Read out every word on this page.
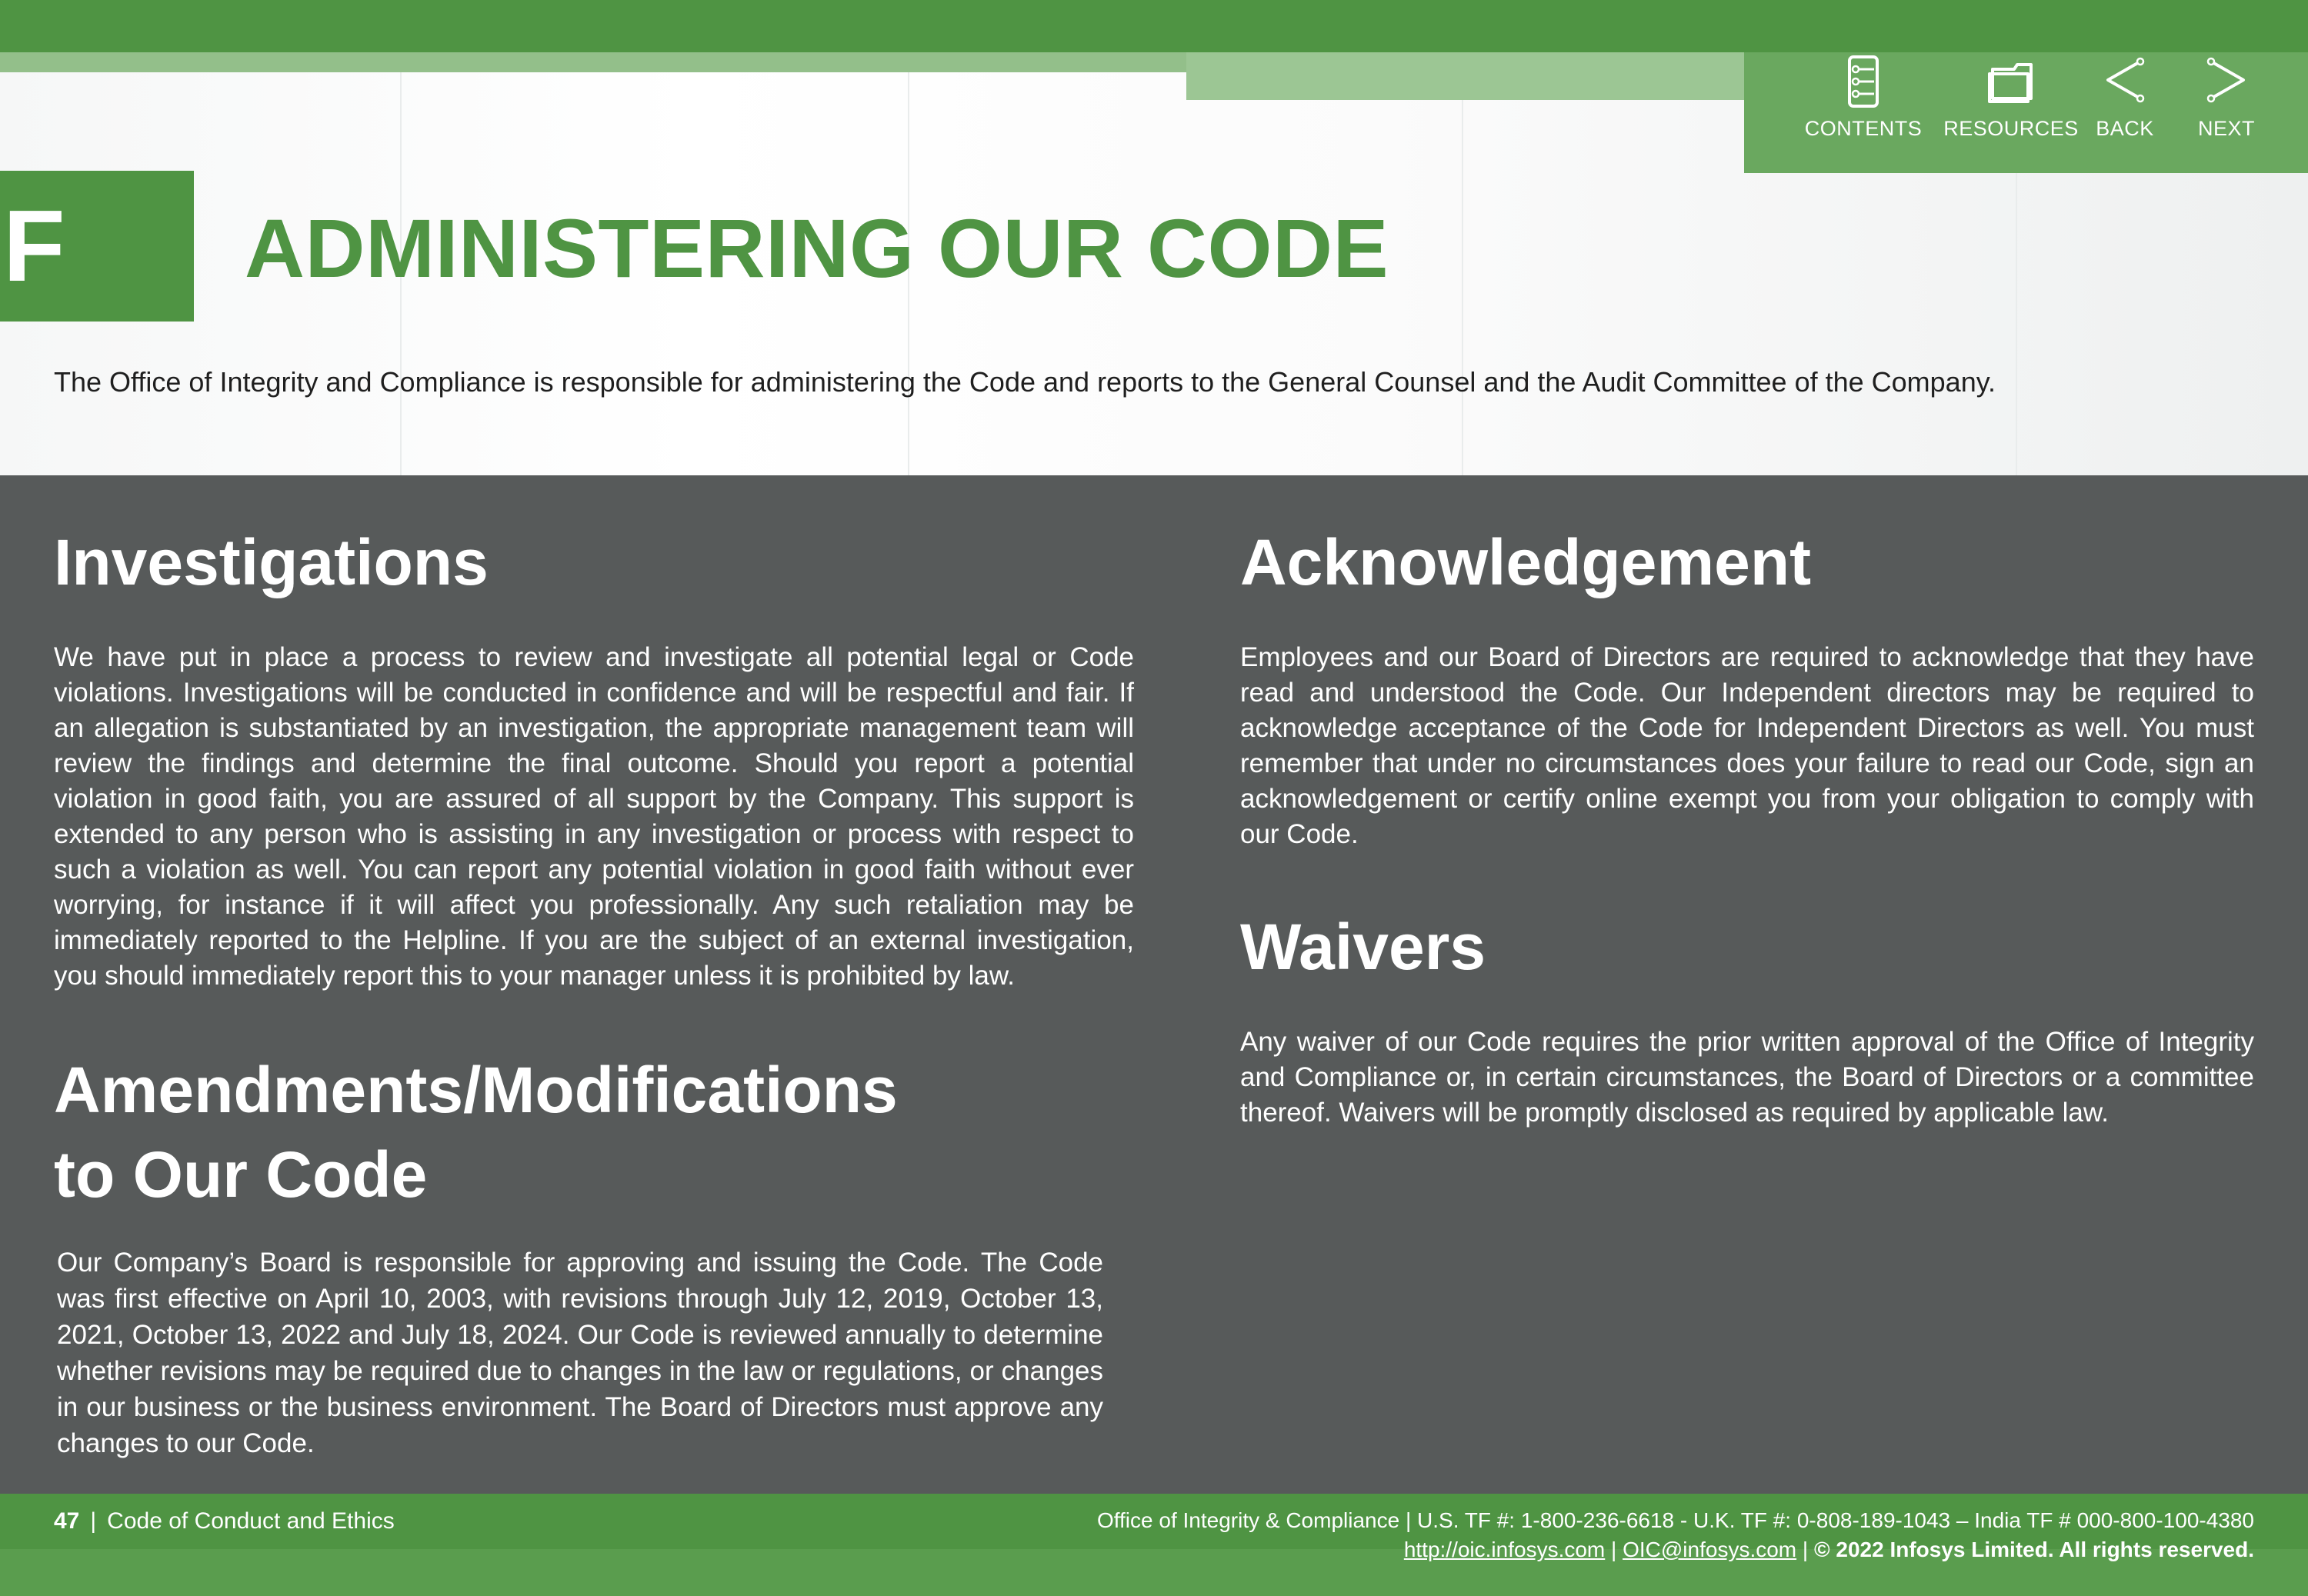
CONTENTS	RESOURCES BACK	NEXT
F	ADMINISTERING OUR CODE
The Office of Integrity and Compliance is responsible for administering the Code and reports to the General Counsel and the Audit Committee of the Company.
Investigations

We have put in place a process to review and investigate all potential legal or Code violations. Investigations will be conducted in confidence and will be respectful and fair. If an allegation is substantiated by an investigation, the appropriate management team will review the findings and determine the final outcome. Should you report a potential violation in good faith, you are assured of all support by the Company. This support is extended to any person who is assisting in any investigation or process with respect to such a violation as well. You can report any potential violation in good faith without ever worrying, for instance if it will affect you professionally. Any such retaliation may be immediately reported to the Helpline. If you are the subject of an external investigation, you should immediately report this to your manager unless it is prohibited by law.

Amendments/Modifications
to Our Code

Our Company’s Board is responsible for approving and issuing the Code. The Code was first effective on April 10, 2003, with revisions through July 12, 2019, October 13, 2021, October 13, 2022 and July 18, 2024. Our Code is reviewed annually to determine whether revisions may be required due to changes in the law or regulations, or changes in our business or the business environment. The Board of Directors must approve any changes to our Code.

Acknowledgement

Employees and our Board of Directors are required to acknowledge that they have read and understood the Code. Our Independent directors may be required to acknowledge acceptance of the Code for Independent Directors as well. You must remember that under no circumstances does your failure to read our Code, sign an acknowledgement or certify online exempt you from your obligation to comply with our Code.

Waivers

Any waiver of our Code requires the prior written approval of the Office of Integrity and Compliance or, in certain circumstances, the Board of Directors or a committee thereof. Waivers will be promptly disclosed as required by applicable law.

47 | Code of Conduct and Ethics	Office of Integrity & Compliance | U.S. TF #: 1-800-236-6618 - U.K. TF #: 0-808-189-1043 – India TF # 000-800-100-4380
http://oic.infosys.com | OIC@infosys.com | © 2022 Infosys Limited. All rights reserved.
